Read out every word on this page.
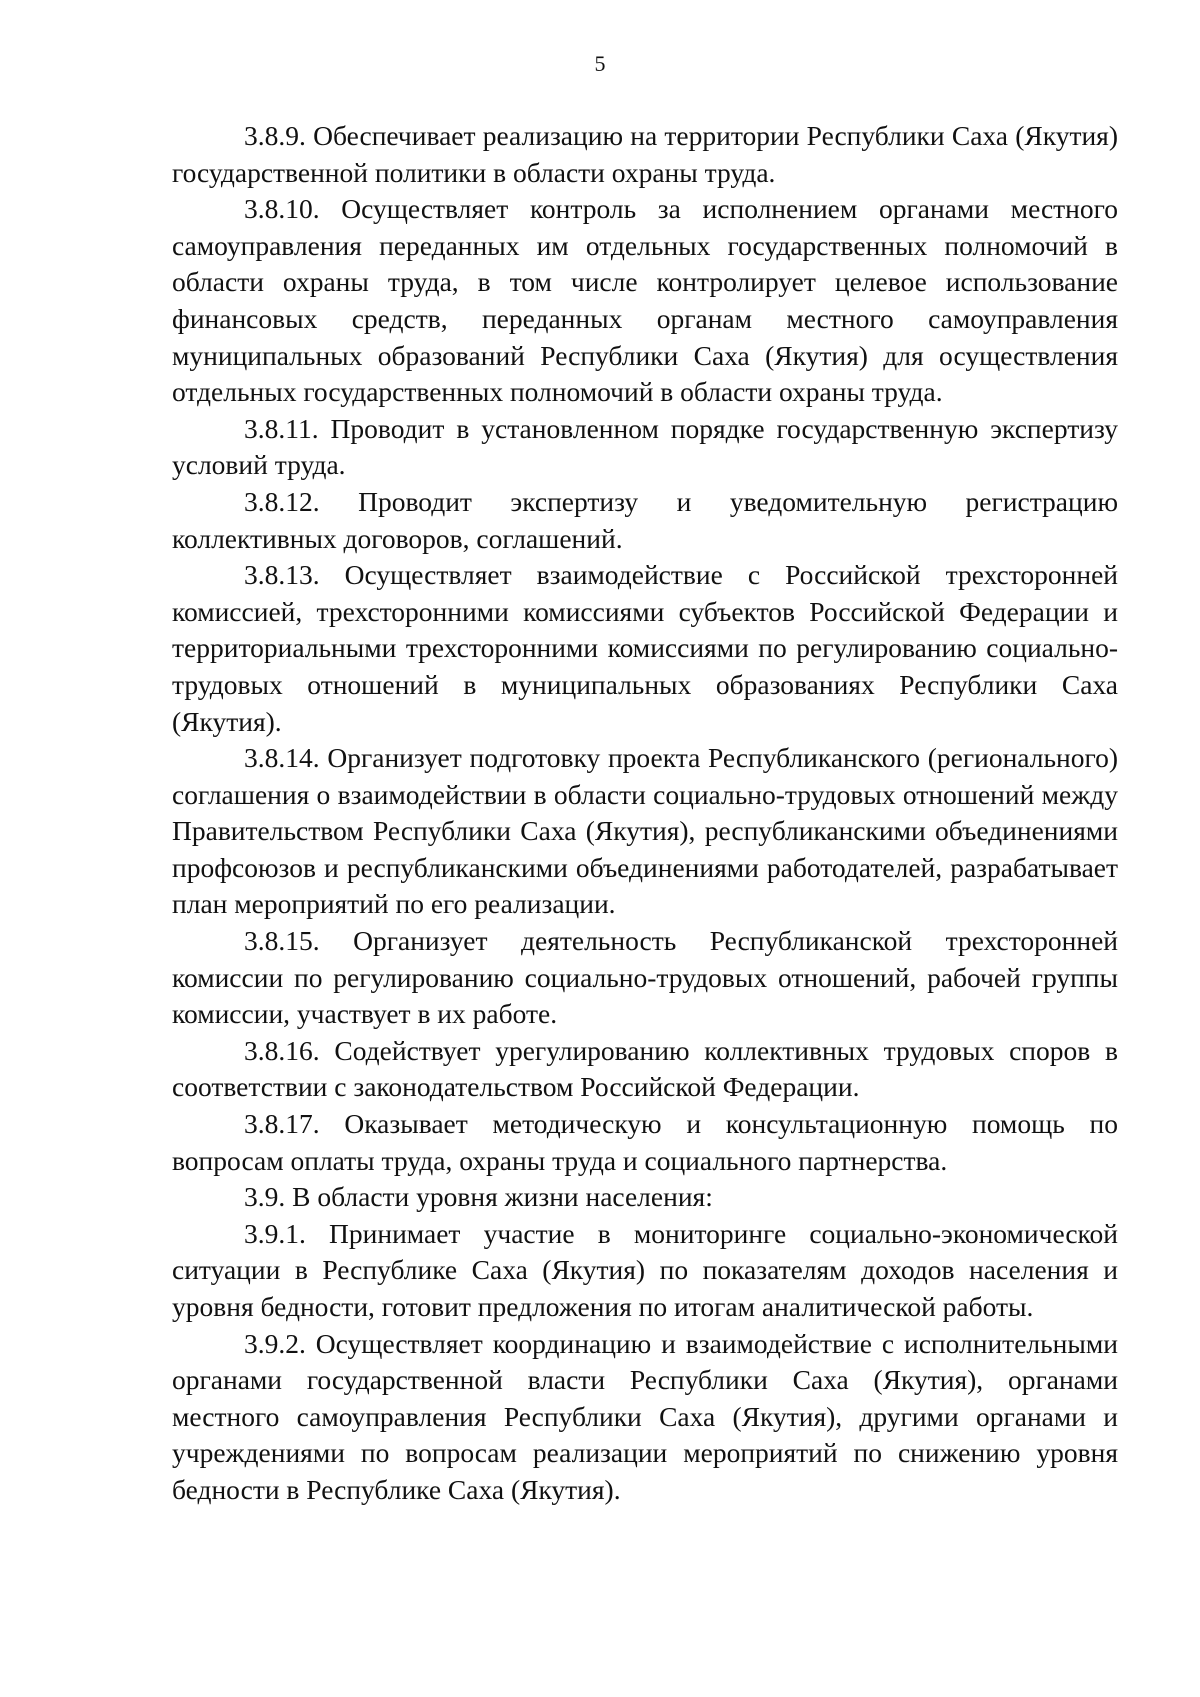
5

3.8.9. Обеспечивает реализацию на территории Республики Саха (Якутия) государственной политики в области охраны труда.

3.8.10. Осуществляет контроль за исполнением органами местного самоуправления переданных им отдельных государственных полномочий в области охраны труда, в том числе контролирует целевое использование финансовых средств, переданных органам местного самоуправления муниципальных образований Республики Саха (Якутия) для осуществления отдельных государственных полномочий в области охраны труда.

3.8.11. Проводит в установленном порядке государственную экспертизу условий труда.

3.8.12. Проводит экспертизу и уведомительную регистрацию коллективных договоров, соглашений.

3.8.13. Осуществляет взаимодействие с Российской трехсторонней комиссией, трехсторонними комиссиями субъектов Российской Федерации и территориальными трехсторонними комиссиями по регулированию социально- трудовых отношений в муниципальных образованиях Республики Саха (Якутия).

3.8.14. Организует подготовку проекта Республиканского (регионального) соглашения о взаимодействии в области социально-трудовых отношений между Правительством Республики Саха (Якутия), республиканскими объединениями профсоюзов и республиканскими объединениями работодателей, разрабатывает план мероприятий по его реализации.

3.8.15. Организует деятельность Республиканской трехсторонней комиссии по регулированию социально-трудовых отношений, рабочей группы комиссии, участвует в их работе.

3.8.16. Содействует урегулированию коллективных трудовых споров в соответствии с законодательством Российской Федерации.

3.8.17. Оказывает методическую и консультационную помощь по вопросам оплаты труда, охраны труда и социального партнерства.

3.9. В области уровня жизни населения:

3.9.1. Принимает участие в мониторинге социально-экономической ситуации в Республике Саха (Якутия) по показателям доходов населения и уровня бедности, готовит предложения по итогам аналитической работы.

3.9.2. Осуществляет координацию и взаимодействие с исполнительными органами государственной власти Республики Саха (Якутия), органами местного самоуправления Республики Саха (Якутия), другими органами и учреждениями по вопросам реализации мероприятий по снижению уровня бедности в Республике Саха (Якутия).
